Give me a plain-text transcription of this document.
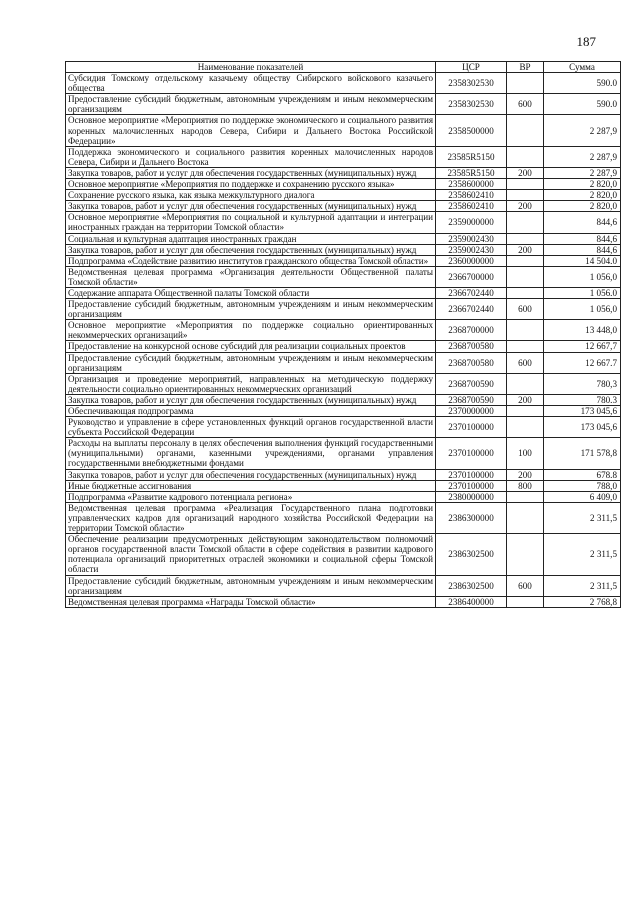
187
Наименование показателей	ЦСР	ВР	Сумма
Субсидия Томскому отдельскому казачьему обществу Сибирского войскового казачьего общества	2358302530		590.0
Предоставление субсидий бюджетным, автономным учреждениям и иным некоммерческим организациям	2358302530	600	590.0
Основное мероприятие «Мероприятия по поддержке экономического и социального развития коренных малочисленных народов Севера, Сибири и Дальнего Востока Российской Федерации»	2358500000		2 287,9
Поддержка экономического и социального развития коренных малочисленных народов Севера, Сибири и Дальнего Востока	23585R5150		2 287,9
Закупка товаров, работ и услуг для обеспечения государственных (муниципальных) нужд	23585R5150	200	2 287,9
Основное мероприятие «Мероприятия по поддержке и сохранению русского языка»	2358600000		2 820,0
Сохранение русского языка, как языка межкультурного диалога	2358602410		2 820,0
Закупка товаров, работ и услуг для обеспечения государственных (муниципальных) нужд	2358602410	200	2 820,0
Основное мероприятие «Мероприятия по социальной и культурной адаптации и интеграции иностранных граждан на территории Томской области»	2359000000		844,6
Социальная и культурная адаптация иностранных граждан	2359002430		844,6
Закупка товаров, работ и услуг для обеспечения государственных (муниципальных) нужд	2359002430	200	844,6
Подпрограмма «Содействие развитию институтов гражданского общества Томской области»	2360000000		14 504.0
Ведомственная целевая программа «Организация деятельности Общественной палаты Томской области»	2366700000		1 056,0
Содержание аппарата Общественной палаты Томской области	2366702440		1 056.0
Предоставление субсидий бюджетным, автономным учреждениям и иным некоммерческим организациям	2366702440	600	1 056,0
Основное мероприятие «Мероприятия по поддержке социально ориентированных некоммерческих организаций»	2368700000		13 448,0
Предоставление на конкурсной основе субсидий для реализации социальных проектов	2368700580		12 667,7
Предоставление субсидий бюджетным, автономным учреждениям и иным некоммерческим организациям	2368700580	600	12 667.7
Организация и проведение мероприятий, направленных на методическую поддержку деятельности социально ориентированных некоммерческих организаций	2368700590		780,3
Закупка товаров, работ и услуг для обеспечения государственных (муниципальных) нужд	2368700590	200	780.3
Обеспечивающая подпрограмма	2370000000		173 045,6
Руководство и управление в сфере установленных функций органов государственной власти субъекта Российской Федерации	2370100000		173 045,6
Расходы на выплаты персоналу в целях обеспечения выполнения функций государственными (муниципальными) органами, казенными учреждениями, органами управления государственными внебюджетными фондами	2370100000	100	171 578,8
Закупка товаров, работ и услуг для обеспечения государственных (муниципальных) нужд	2370100000	200	678.8
Иные бюджетные ассигнования	2370100000	800	788,0
Подпрограмма «Развитие кадрового потенциала региона»	2380000000		6 409,0
Ведомственная целевая программа «Реализация Государственного плана подготовки управленческих кадров для организаций народного хозяйства Российской Федерации на территории Томской области»	2386300000		2 311,5
Обеспечение реализации предусмотренных действующим законодательством полномочий органов государственной власти Томской области в сфере содействия в развитии кадрового потенциала организаций приоритетных отраслей экономики и социальной сферы Томской области	2386302500		2 311,5
Предоставление субсидий бюджетным, автономным учреждениям и иным некоммерческим организациям	2386302500	600	2 311,5
Ведомственная целевая программа «Награды Томской области»	2386400000		2 768,8
